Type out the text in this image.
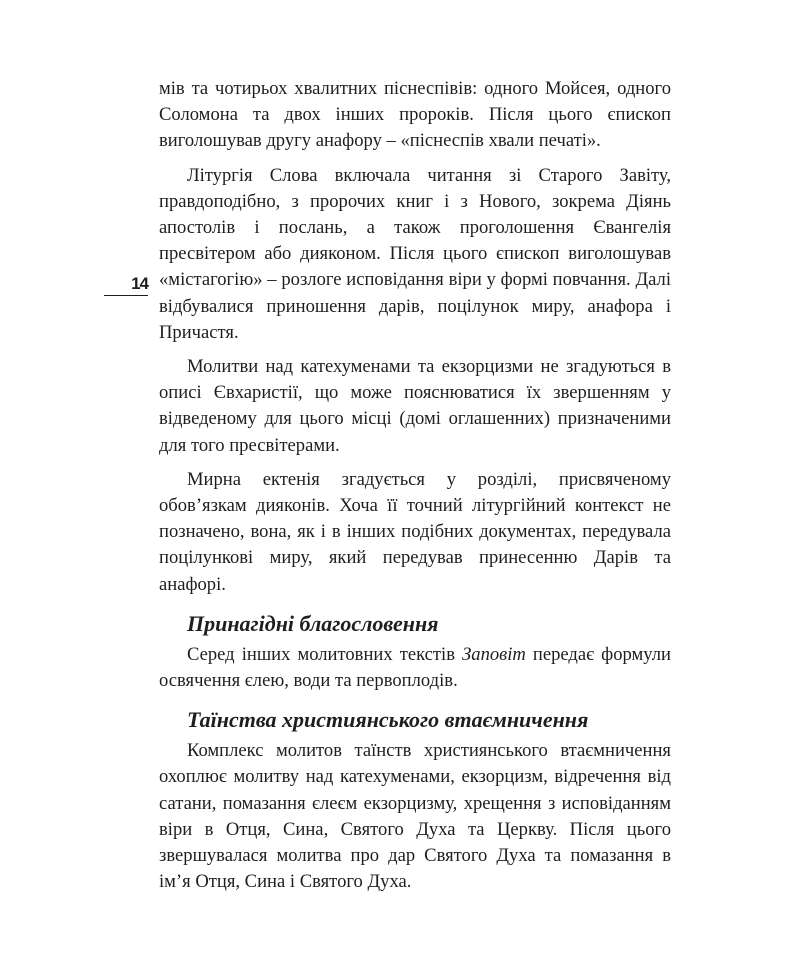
14

мів та чотирьох хвалитних піснеспівів: одного Мойсея, одного Соломона та двох інших пророків. Після цього єпископ виголошував другу анафору – «піснеспів хвали печаті».

Літургія Слова включала читання зі Старого Завіту, правдоподібно, з пророчих книг і з Нового, зокрема Діянь апостолів і послань, а також проголошення Євангелія пресвітером або дияконом. Після цього єпископ виголошував «містагогію» – розлоге исповідання віри у формі повчання. Далі відбувалися приношення дарів, поцілунок миру, анафора і Причастя.

Молитви над катехуменами та екзорцизми не згадуються в описі Євхаристії, що може пояснюватися їх звершенням у відведеному для цього місці (домі оглашенних) призначеними для того пресвітерами.

Мирна ектенія згадується у розділі, присвяченому обов’язкам дияконів. Хоча її точний літургійний контекст не позначено, вона, як і в інших подібних документах, передувала поцілункові миру, який передував принесенню Дарів та анафорі.

Принагідні благословення

Серед інших молитовних текстів Заповіт передає формули освячення єлею, води та первоплодів.

Таїнства християнського втаємничення

Комплекс молитов таїнств християнського втаємничення охоплює молитву над катехуменами, екзорцизм, відречення від сатани, помазання єлеєм екзорцизму, хрещення з исповіданням віри в Отця, Сина, Святого Духа та Церкву. Після цього звершувалася молитва про дар Святого Духа та помазання в ім’я Отця, Сина і Святого Духа.
